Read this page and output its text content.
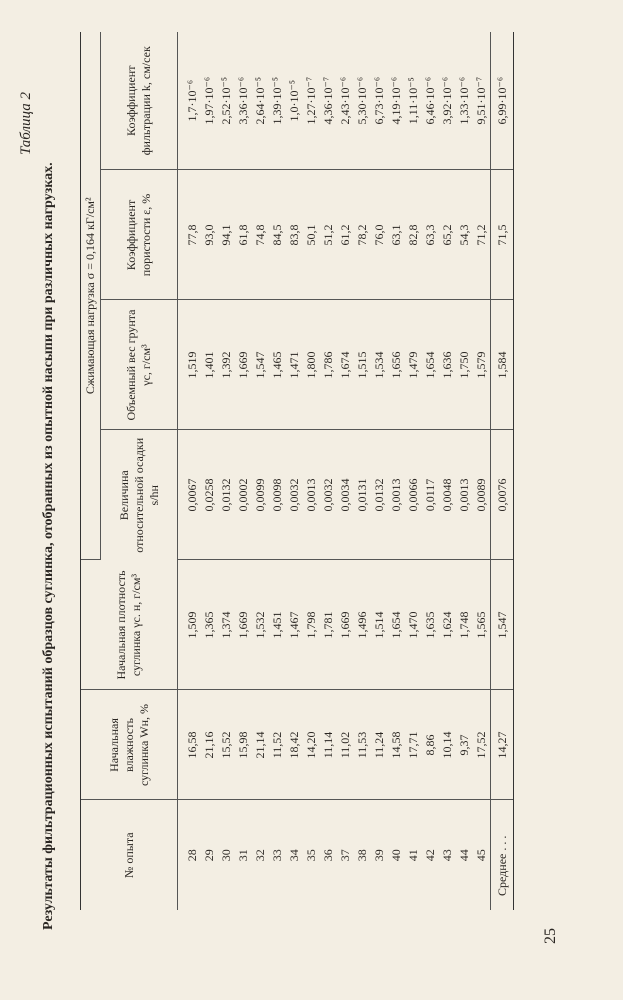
Таблица 2
Результаты фильтрационных испытаний образцов суглинка, отобранных из опытной насыпи при различных нагрузках.	№ опыта	Начальная влажность суглинка Wн, %	Начальная плотность суглинка γс. н, г/см³	Сжимающая нагрузка σ = 0,164 кГ/см²			
			Величина относительной осадки s/hн	Объемный вес грунта γс, г/см³	Коэффициент пористости ε, %	Коэффициент фильтрации k, см/сек
28	16,58	1,509	0,0067	1,519	77,8	1,7·10⁻⁶
29	21,16	1,365	0,0258	1,401	93,0	1,97·10⁻⁶
30	15,52	1,374	0,0132	1,392	94,1	2,52·10⁻⁵
31	15,98	1,669	0,0002	1,669	61,8	3,36·10⁻⁶
32	21,14	1,532	0,0099	1,547	74,8	2,64·10⁻⁵
33	11,52	1,451	0,0098	1,465	84,5	1,39·10⁻⁵
34	18,42	1,467	0,0032	1,471	83,8	1,0·10⁻⁵
35	14,20	1,798	0,0013	1,800	50,1	1,27·10⁻⁷
36	11,14	1,781	0,0032	1,786	51,2	4,36·10⁻⁷
37	11,02	1,669	0,0034	1,674	61,2	2,43·10⁻⁶
38	11,53	1,496	0,0131	1,515	78,2	5,30·10⁻⁶
39	11,24	1,514	0,0132	1,534	76,0	6,73·10⁻⁶
40	14,58	1,654	0,0013	1,656	63,1	4,19·10⁻⁶
41	17,71	1,470	0,0066	1,479	82,8	1,11·10⁻⁵
42	8,86	1,635	0,0117	1,654	63,3	6,46·10⁻⁶
43	10,14	1,624	0,0048	1,636	65,2	3,92·10⁻⁶
44	9,37	1,748	0,0013	1,750	54,3	1,33·10⁻⁶
45	17,52	1,565	0,0089	1,579	71,2	9,51·10⁻⁷
Среднее . . .	14,27	1,547	0,0076	1,584	71,5	6,99·10⁻⁶
25
